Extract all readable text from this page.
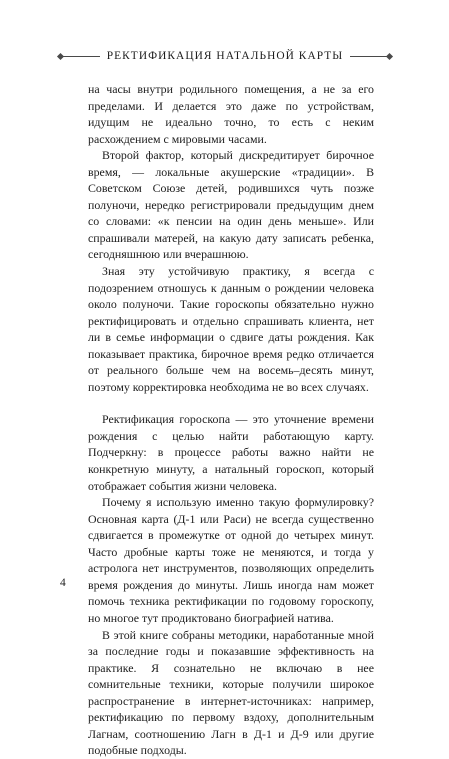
РЕКТИФИКАЦИЯ НАТАЛЬНОЙ КАРТЫ

на часы внутри родильного помещения, а не за его пределами. И делается это даже по устройствам, идущим не идеально точно, то есть с неким расхождением с мировыми часами.

Второй фактор, который дискредитирует бирочное время, — локальные акушерские «традиции». В Советском Союзе детей, родившихся чуть позже полуночи, нередко регистрировали предыдущим днем со словами: «к пенсии на один день меньше». Или спрашивали матерей, на какую дату записать ребенка, сегодняшнюю или вчерашнюю.

Зная эту устойчивую практику, я всегда с подозрением отношусь к данным о рождении человека около полуночи. Такие гороскопы обязательно нужно ректифицировать и отдельно спрашивать клиента, нет ли в семье информации о сдвиге даты рождения. Как показывает практика, бирочное время редко отличается от реального больше чем на восемь–десять минут, поэтому корректировка необходима не во всех случаях.

Ректификация гороскопа — это уточнение времени рождения с целью найти работающую карту. Подчеркну: в процессе работы важно найти не конкретную минуту, а натальный гороскоп, который отображает события жизни человека.

Почему я использую именно такую формулировку? Основная карта (Д-1 или Раси) не всегда существенно сдвигается в промежутке от одной до четырех минут. Часто дробные карты тоже не меняются, и тогда у астролога нет инструментов, позволяющих определить время рождения до минуты. Лишь иногда нам может помочь техника ректификации по годовому гороскопу, но многое тут продиктовано биографией натива.

В этой книге собраны методики, наработанные мной за последние годы и показавшие эффективность на практике. Я сознательно не включаю в нее сомнительные техники, которые получили широкое распространение в интернет-источниках: например, ректификацию по первому вздоху, дополнительным Лагнам, соотношению Лагн в Д-1 и Д-9 или другие подобные подходы.

4
